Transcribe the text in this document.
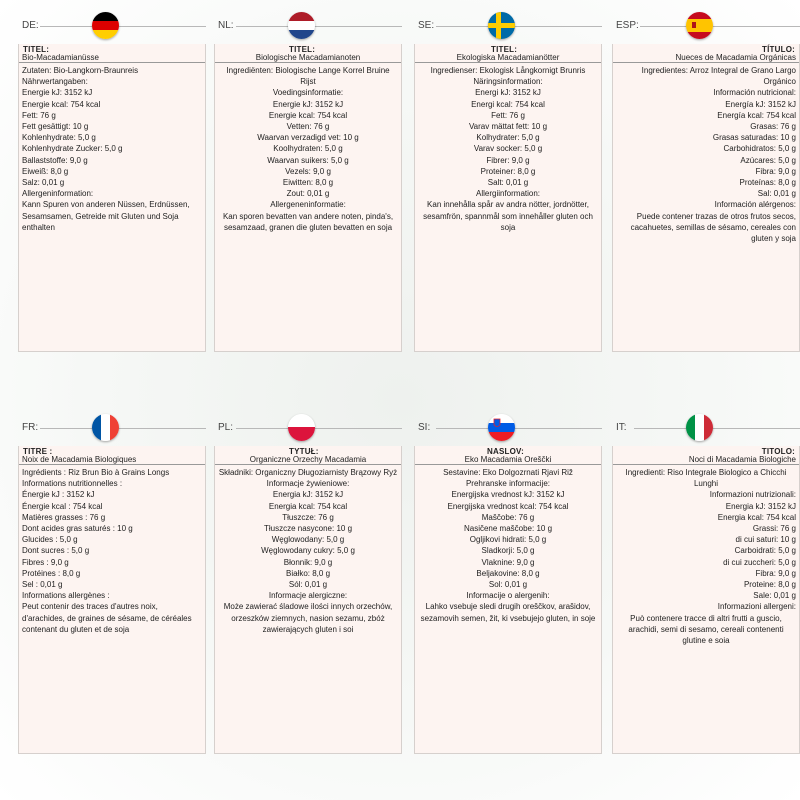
DE:
TITEL:
Bio-Macadamianüsse
Zutaten: Bio-Langkorn-Braunreis
Nährwertangaben:
Energie kJ: 3152 kJ
Energie kcal: 754 kcal
Fett: 76 g
Fett gesättigt: 10 g
Kohlenhydrate: 5,0 g
Kohlenhydrate Zucker: 5,0 g
Ballaststoffe: 9,0 g
Eiweiß: 8,0 g
Salz: 0,01 g
Allergeninformation:
Kann Spuren von anderen Nüssen, Erdnüssen, Sesamsamen, Getreide mit Gluten und Soja enthalten
NL:
TITEL:
Biologische Macadamianoten
Ingrediënten: Biologische Lange Korrel Bruine Rijst
Voedingsinformatie:
Energie kJ: 3152 kJ
Energie kcal: 754 kcal
Vetten: 76 g
Waarvan verzadigd vet: 10 g
Koolhydraten: 5,0 g
Waarvan suikers: 5,0 g
Vezels: 9,0 g
Eiwitten: 8,0 g
Zout: 0,01 g
Allergeneninformatie:
Kan sporen bevatten van andere noten, pinda's, sesamzaad, granen die gluten bevatten en soja
SE:
TITEL:
Ekologiska Macadamianötter
Ingredienser: Ekologisk Långkornigt Brunris
Näringsinformation:
Energi kJ: 3152 kJ
Energi kcal: 754 kcal
Fett: 76 g
Varav mättat fett: 10 g
Kolhydrater: 5,0 g
Varav socker: 5,0 g
Fibrer: 9,0 g
Proteiner: 8,0 g
Salt: 0,01 g
Allergiinformation:
Kan innehålla spår av andra nötter, jordnötter, sesamfrön, spannmål som innehåller gluten och soja
ESP:
TÍTULO:
Nueces de Macadamia Orgánicas
Ingredientes: Arroz Integral de Grano Largo Orgánico
Información nutricional:
Energía kJ: 3152 kJ
Energía kcal: 754 kcal
Grasas: 76 g
Grasas saturadas: 10 g
Carbohidratos: 5,0 g
Azúcares: 5,0 g
Fibra: 9,0 g
Proteínas: 8,0 g
Sal: 0,01 g
Información alérgenos:
Puede contener trazas de otros frutos secos, cacahuetes, semillas de sésamo, cereales con gluten y soja
FR:
TITRE :
Noix de Macadamia Biologiques
Ingrédients : Riz Brun Bio à Grains Longs
Informations nutritionnelles :
Énergie kJ : 3152 kJ
Énergie kcal : 754 kcal
Matières grasses : 76 g
Dont acides gras saturés : 10 g
Glucides : 5,0 g
Dont sucres : 5,0 g
Fibres : 9,0 g
Protéines : 8,0 g
Sel : 0,01 g
Informations allergènes :
Peut contenir des traces d'autres noix, d'arachides, de graines de sésame, de céréales contenant du gluten et de soja
PL:
TYTUŁ:
Organiczne Orzechy Macadamia
Składniki: Organiczny Długoziarnisty Brązowy Ryż
Informacje żywieniowe:
Energia kJ: 3152 kJ
Energia kcal: 754 kcal
Tłuszcze: 76 g
Tłuszcze nasycone: 10 g
Węglowodany: 5,0 g
Węglowodany cukry: 5,0 g
Błonnik: 9,0 g
Białko: 8,0 g
Sól: 0,01 g
Informacje alergiczne:
Może zawierać śladowe ilości innych orzechów, orzeszków ziemnych, nasion sezamu, zbóż zawierających gluten i soi
SI:
NASLOV:
Eko Macadamia Oreščki
Sestavine: Eko Dolgozrnati Rjavi Riž
Prehranske informacije:
Energijska vrednost kJ: 3152 kJ
Energijska vrednost kcal: 754 kcal
Maščobe: 76 g
Nasičene maščobe: 10 g
Ogljikovi hidrati: 5,0 g
Sladkorji: 5,0 g
Vlaknine: 9,0 g
Beljakovine: 8,0 g
Sol: 0,01 g
Informacije o alergenih:
Lahko vsebuje sledi drugih oreščkov, arašidov, sezamovih semen, žit, ki vsebujejo gluten, in soje
IT:
TITOLO:
Noci di Macadamia Biologiche
Ingredienti: Riso Integrale Biologico a Chicchi Lunghi
Informazioni nutrizionali:
Energia kJ: 3152 kJ
Energia kcal: 754 kcal
Grassi: 76 g
di cui saturi: 10 g
Carboidrati: 5,0 g
di cui zuccheri: 5,0 g
Fibra: 9,0 g
Proteine: 8,0 g
Sale: 0,01 g
Informazioni allergeni:
Può contenere tracce di altri frutti a guscio, arachidi, semi di sesamo, cereali contenenti glutine e soia
